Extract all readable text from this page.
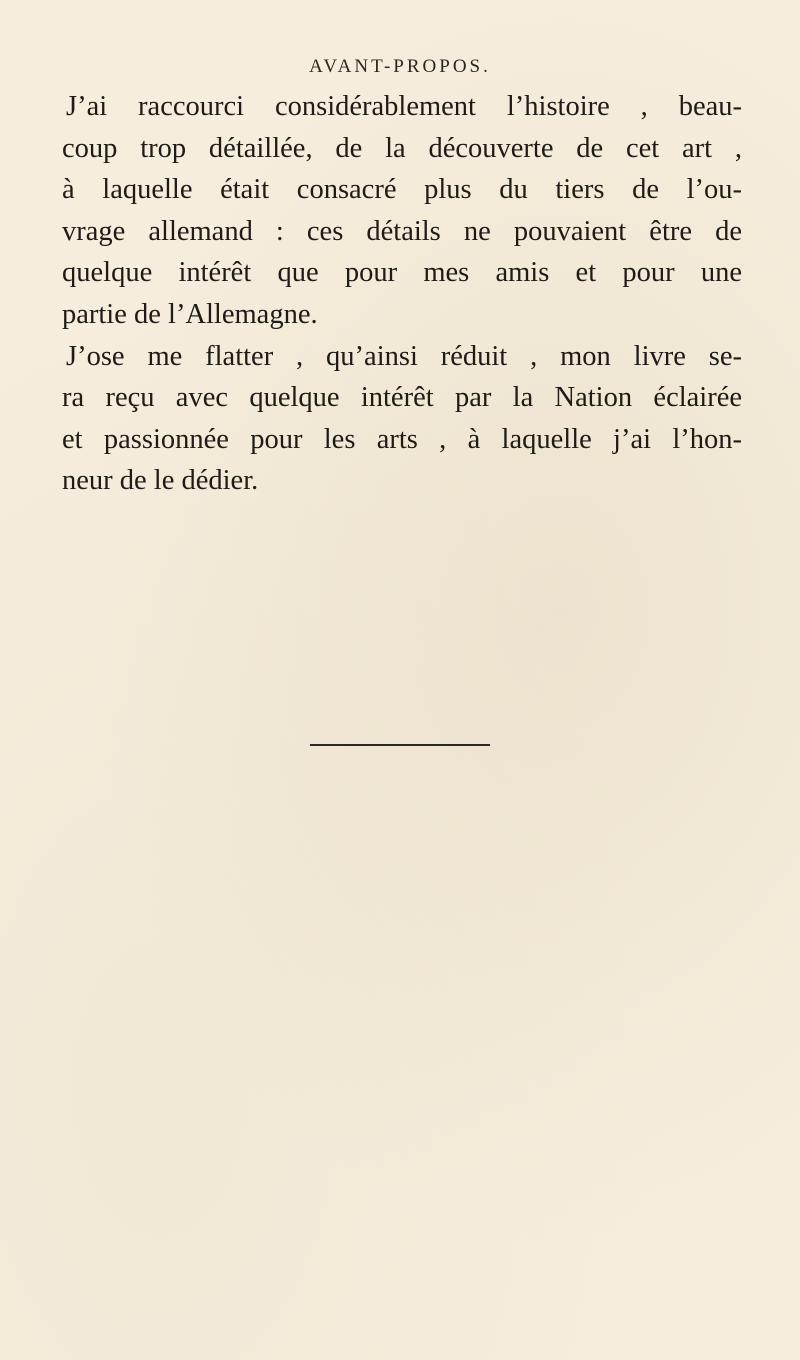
AVANT-PROPOS.

J’ai raccourci considérablement l’histoire , beau-
coup trop détaillée, de la découverte de cet art ,
à laquelle était consacré plus du tiers de l’ou-
vrage allemand : ces détails ne pouvaient être de
quelque intérêt que pour mes amis et pour une
partie de l’Allemagne.

J’ose me flatter , qu’ainsi réduit , mon livre se-
ra reçu avec quelque intérêt par la Nation éclairée
et passionnée pour les arts , à laquelle j’ai l’hon-
neur de le dédier.
